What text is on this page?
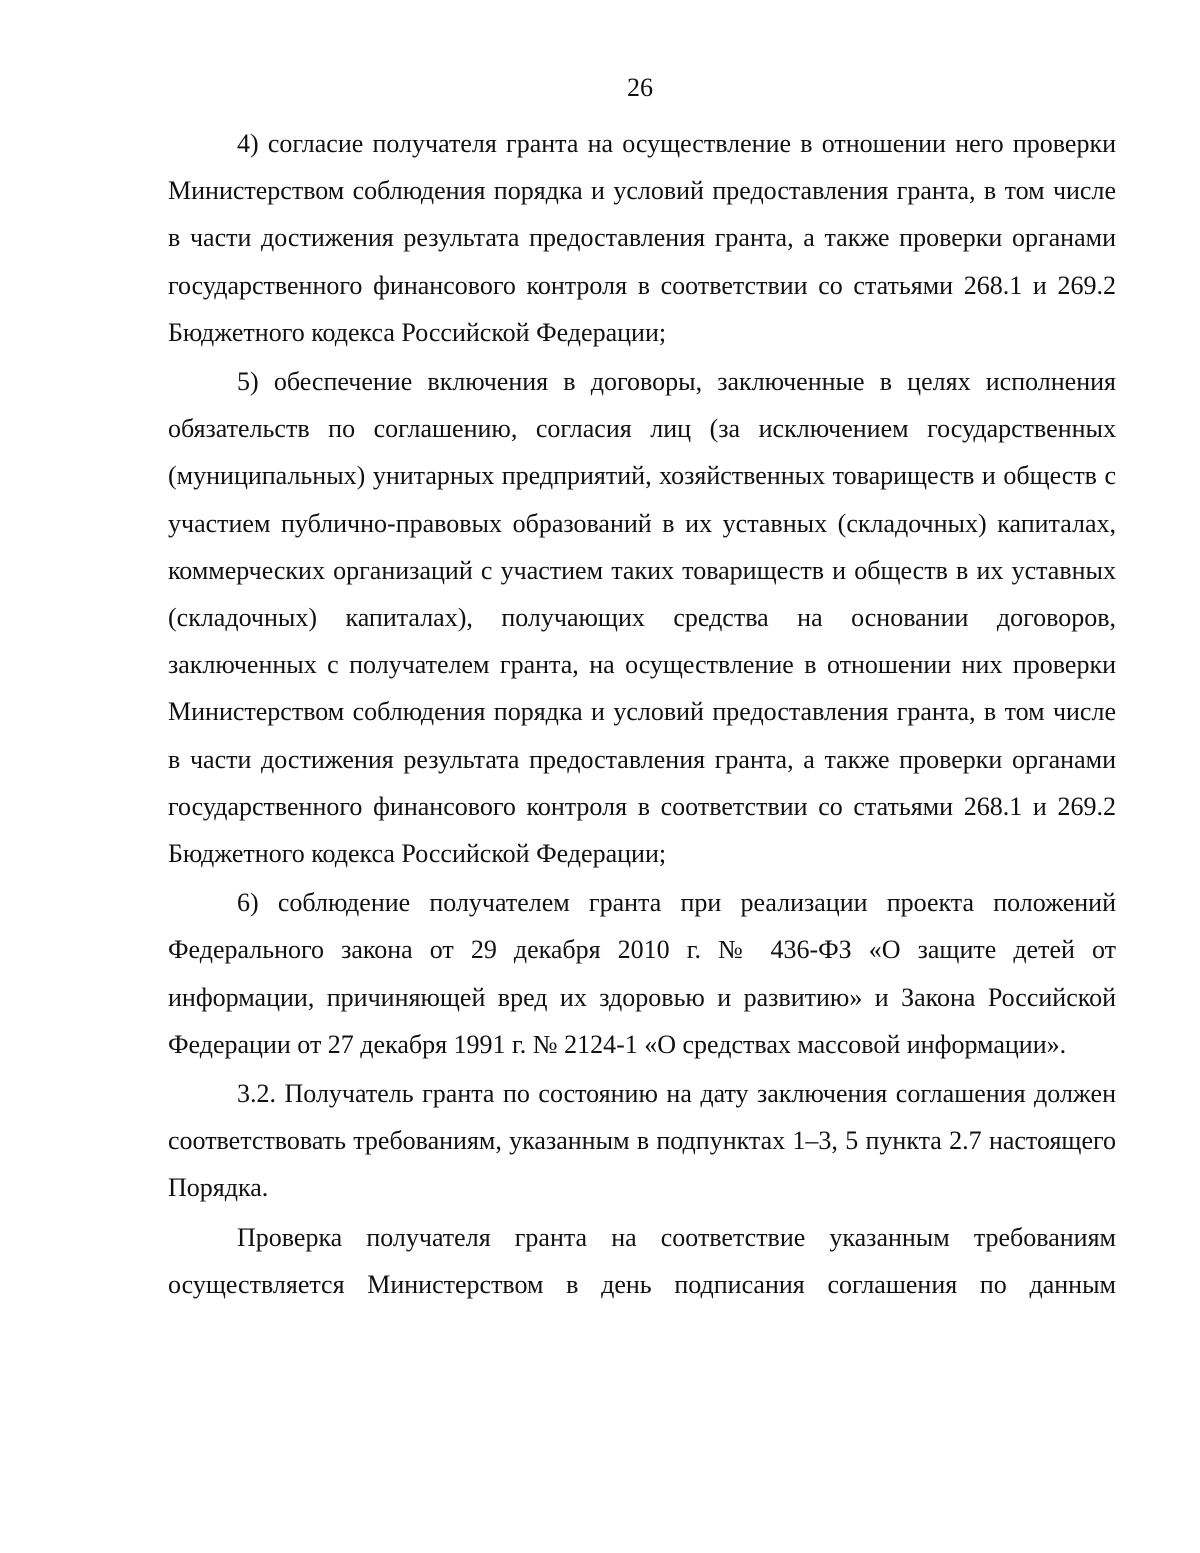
26

4) согласие получателя гранта на осуществление в отношении него проверки Министерством соблюдения порядка и условий предоставления гранта, в том числе в части достижения результата предоставления гранта, а также проверки органами государственного финансового контроля в соответствии со статьями 268.1 и 269.2 Бюджетного кодекса Российской Федерации;

5) обеспечение включения в договоры, заключенные в целях исполнения обязательств по соглашению, согласия лиц (за исключением государственных (муниципальных) унитарных предприятий, хозяйственных товариществ и обществ с участием публично-правовых образований в их уставных (складочных) капиталах, коммерческих организаций с участием таких товариществ и обществ в их уставных (складочных) капиталах), получающих средства на основании договоров, заключенных с получателем гранта, на осуществление в отношении них проверки Министерством соблюдения порядка и условий предоставления гранта, в том числе в части достижения результата предоставления гранта, а также проверки органами государственного финансового контроля в соответствии со статьями 268.1 и 269.2 Бюджетного кодекса Российской Федерации;

6) соблюдение получателем гранта при реализации проекта положений Федерального закона от 29 декабря 2010 г. № 436-ФЗ «О защите детей от информации, причиняющей вред их здоровью и развитию» и Закона Российской Федерации от 27 декабря 1991 г. № 2124-1 «О средствах массовой информации».

3.2. Получатель гранта по состоянию на дату заключения соглашения должен соответствовать требованиям, указанным в подпунктах 1–3, 5 пункта 2.7 настоящего Порядка.

Проверка получателя гранта на соответствие указанным требованиям осуществляется Министерством в день подписания соглашения по данным
